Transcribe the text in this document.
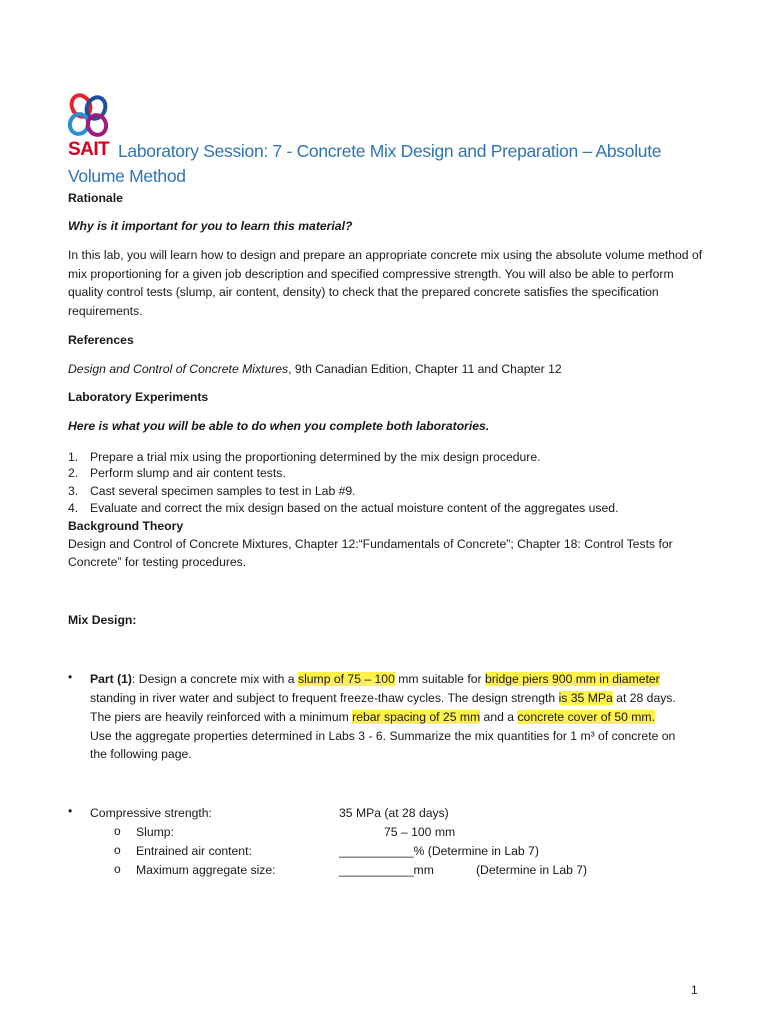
SAIT Laboratory Session: 7 - Concrete Mix Design and Preparation – Absolute Volume Method
Rationale
Why is it important for you to learn this material?
In this lab, you will learn how to design and prepare an appropriate concrete mix using the absolute volume method of mix proportioning for a given job description and specified compressive strength. You will also be able to perform quality control tests (slump, air content, density) to check that the prepared concrete satisfies the specification requirements.
References
Design and Control of Concrete Mixtures, 9th Canadian Edition, Chapter 11 and Chapter 12
Laboratory Experiments
Here is what you will be able to do when you complete both laboratories.
1. Prepare a trial mix using the proportioning determined by the mix design procedure.
2. Perform slump and air content tests.
3. Cast several specimen samples to test in Lab #9.
4. Evaluate and correct the mix design based on the actual moisture content of the aggregates used.
Background Theory
Design and Control of Concrete Mixtures, Chapter 12:“Fundamentals of Concrete”; Chapter 18: Control Tests for
Concrete” for testing procedures.
Mix Design:
• Part (1): Design a concrete mix with a slump of 75 – 100 mm suitable for bridge piers 900 mm in diameter
standing in river water and subject to frequent freeze-thaw cycles. The design strength is 35 MPa at 28 days.
The piers are heavily reinforced with a minimum rebar spacing of 25 mm and a concrete cover of 50 mm.
Use the aggregate properties determined in Labs 3 - 6. Summarize the mix quantities for 1 m³ of concrete on
the following page.
• Compressive strength:	35 MPa (at 28 days)
o Slump:	75 – 100 mm
o Entrained air content:	___________% (Determine in Lab 7)
o Maximum aggregate size:	___________mm	(Determine in Lab 7)
1
